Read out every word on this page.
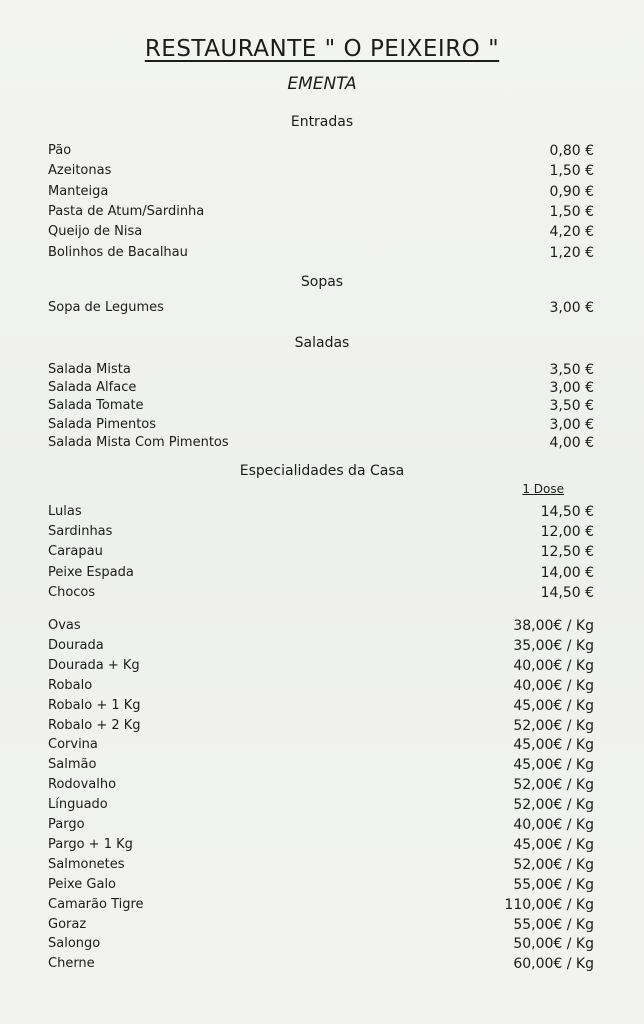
RESTAURANTE " O PEIXEIRO "
EMENTA
Entradas
Pão	0,80 €
Azeitonas	1,50 €
Manteiga	0,90 €
Pasta de Atum/Sardinha	1,50 €
Queijo de Nisa	4,20 €
Bolinhos de Bacalhau	1,20 €
Sopas
Sopa de Legumes	3,00 €
Saladas
Salada Mista	3,50 €
Salada Alface	3,00 €
Salada Tomate	3,50 €
Salada Pimentos	3,00 €
Salada Mista Com Pimentos	4,00 €
Especialidades da Casa
1 Dose
Lulas	14,50 €
Sardinhas	12,00 €
Carapau	12,50 €
Peixe Espada	14,00 €
Chocos	14,50 €
Ovas	38,00€ / Kg
Dourada	35,00€ / Kg
Dourada + Kg	40,00€ / Kg
Robalo	40,00€ / Kg
Robalo + 1 Kg	45,00€ / Kg
Robalo + 2 Kg	52,00€ / Kg
Corvina	45,00€ / Kg
Salmão	45,00€ / Kg
Rodovalho	52,00€ / Kg
Línguado	52,00€ / Kg
Pargo	40,00€ / Kg
Pargo + 1 Kg	45,00€ / Kg
Salmonetes	52,00€ / Kg
Peixe Galo	55,00€ / Kg
Camarão Tigre	110,00€ / Kg
Goraz	55,00€ / Kg
Salongo	50,00€ / Kg
Cherne	60,00€ / Kg
